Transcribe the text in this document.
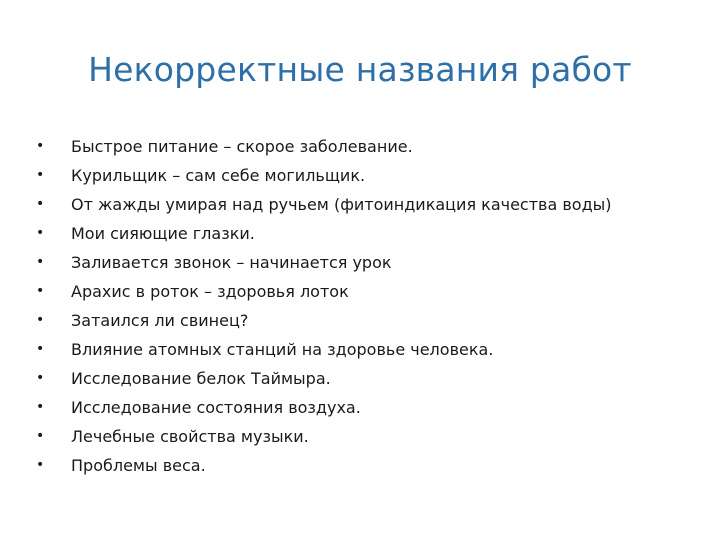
Некорректные названия работ
•	Быстрое питание – скорое заболевание.
•	Курильщик – сам себе могильщик.
•	От жажды умирая над ручьем (фитоиндикация качества воды)
•	Мои сияющие глазки.
•	Заливается звонок – начинается урок
•	Арахис в роток – здоровья лоток
•	Затаился ли свинец?
•	Влияние атомных станций на здоровье человека.
•	Исследование белок Таймыра.
•	Исследование состояния воздуха.
•	Лечебные свойства музыки.
•	Проблемы веса.
